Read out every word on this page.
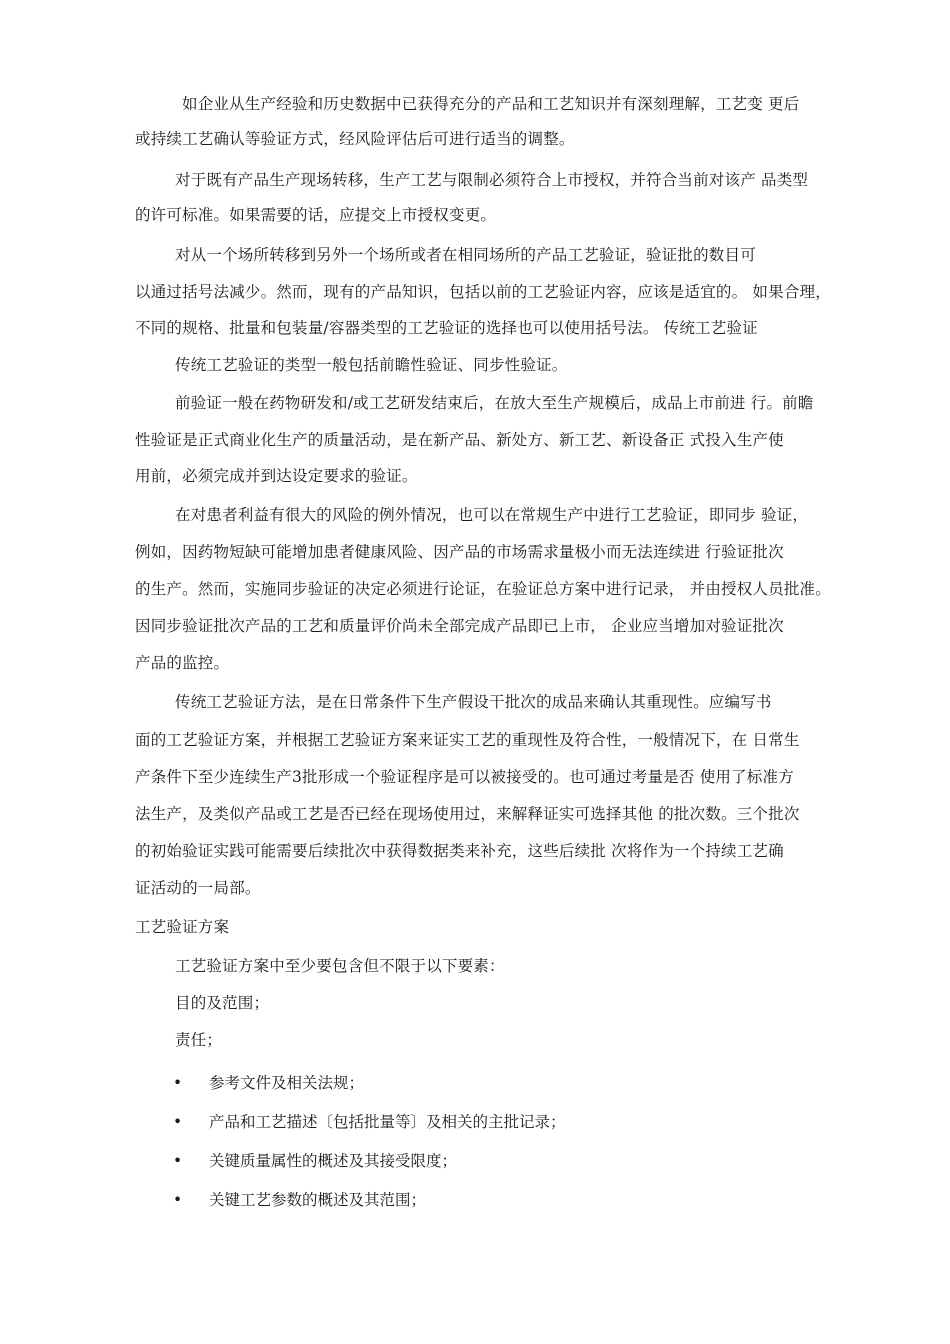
如企业从生产经验和历史数据中已获得充分的产品和工艺知识并有深刻理解，工艺变 更后
或持续工艺确认等验证方式，经风险评估后可进行适当的调整。
对于既有产品生产现场转移，生产工艺与限制必须符合上市授权，并符合当前对该产 品类型
的许可标准。如果需要的话，应提交上市授权变更。
对从一个场所转移到另外一个场所或者在相同场所的产品工艺验证，验证批的数目可
以通过括号法减少。然而，现有的产品知识，包括以前的工艺验证内容，应该是适宜的。 如果合理，
不同的规格、批量和包装量/容器类型的工艺验证的选择也可以使用括号法。 传统工艺验证
传统工艺验证的类型一般包括前瞻性验证、同步性验证。
前验证一般在药物研发和/或工艺研发结束后，在放大至生产规模后，成品上市前进 行。前瞻
性验证是正式商业化生产的质量活动，是在新产品、新处方、新工艺、新设备正 式投入生产使
用前，必须完成并到达设定要求的验证。
在对患者利益有很大的风险的例外情况，也可以在常规生产中进行工艺验证，即同步 验证，
例如，因药物短缺可能增加患者健康风险、因产品的市场需求量极小而无法连续进 行验证批次
的生产。然而，实施同步验证的决定必须进行论证，在验证总方案中进行记录， 并由授权人员批准。
因同步验证批次产品的工艺和质量评价尚未全部完成产品即已上市， 企业应当增加对验证批次
产品的监控。
传统工艺验证方法，是在日常条件下生产假设干批次的成品来确认其重现性。应编写书
面的工艺验证方案，并根据工艺验证方案来证实工艺的重现性及符合性，一般情况下，在 日常生
产条件下至少连续生产3批形成一个验证程序是可以被接受的。也可通过考量是否 使用了标准方
法生产，及类似产品或工艺是否已经在现场使用过，来解释证实可选择其他 的批次数。三个批次
的初始验证实践可能需要后续批次中获得数据类来补充，这些后续批 次将作为一个持续工艺确
证活动的一局部。
工艺验证方案
工艺验证方案中至少要包含但不限于以下要素：
目的及范围；
责任；
• 参考文件及相关法规；
• 产品和工艺描述〔包括批量等〕及相关的主批记录；
• 关键质量属性的概述及其接受限度；
• 关键工艺参数的概述及其范围；
